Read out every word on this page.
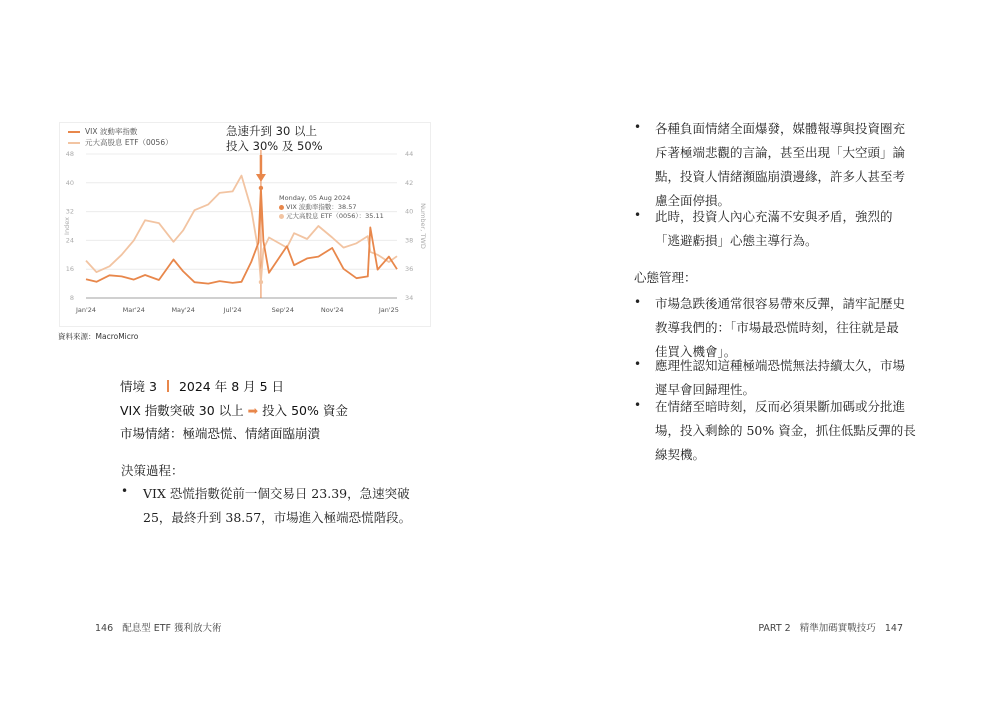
8
16
24
32
40
48
34
36
38
40
42
44
Jan'24	Mar'24	May'24	Jul'24	Sep'24	Nov'24	Jan'25
Index	Number, TWD
VIX 波動率指數
元大高股息 ETF（0056）
急速升到 30 以上
投入 30% 及 50%
Monday, 05 Aug 2024
VIX 波動率指數：38.57
元大高股息 ETF（0056）：35.11
資料來源：MacroMicro
情境 3 2024 年 8 月 5 日
VIX 指數突破 30 以上 ➡ 投入 50% 資金
市場情緒：極端恐慌、情緒面臨崩潰
決策過程：
• VIX 恐慌指數從前一個交易日 23.39，急速突破
25，最終升到 38.57，市場進入極端恐慌階段。
• 各種負面情緒全面爆發，媒體報導與投資圈充
斥著極端悲觀的言論，甚至出現「大空頭」論
點，投資人情緒瀕臨崩潰邊緣，許多人甚至考
慮全面停損。
• 此時，投資人內心充滿不安與矛盾，強烈的
「逃避虧損」心態主導行為。
心態管理：
• 市場急跌後通常很容易帶來反彈，請牢記歷史
教導我們的：「市場最恐慌時刻，往往就是最
佳買入機會」。
• 應理性認知這種極端恐慌無法持續太久，市場
遲早會回歸理性。
• 在情緒至暗時刻，反而必須果斷加碼或分批進
場，投入剩餘的 50% 資金，抓住低點反彈的長
線契機。
146 配息型 ETF 獲利放大術	PART 2 精準加碼實戰技巧 147
